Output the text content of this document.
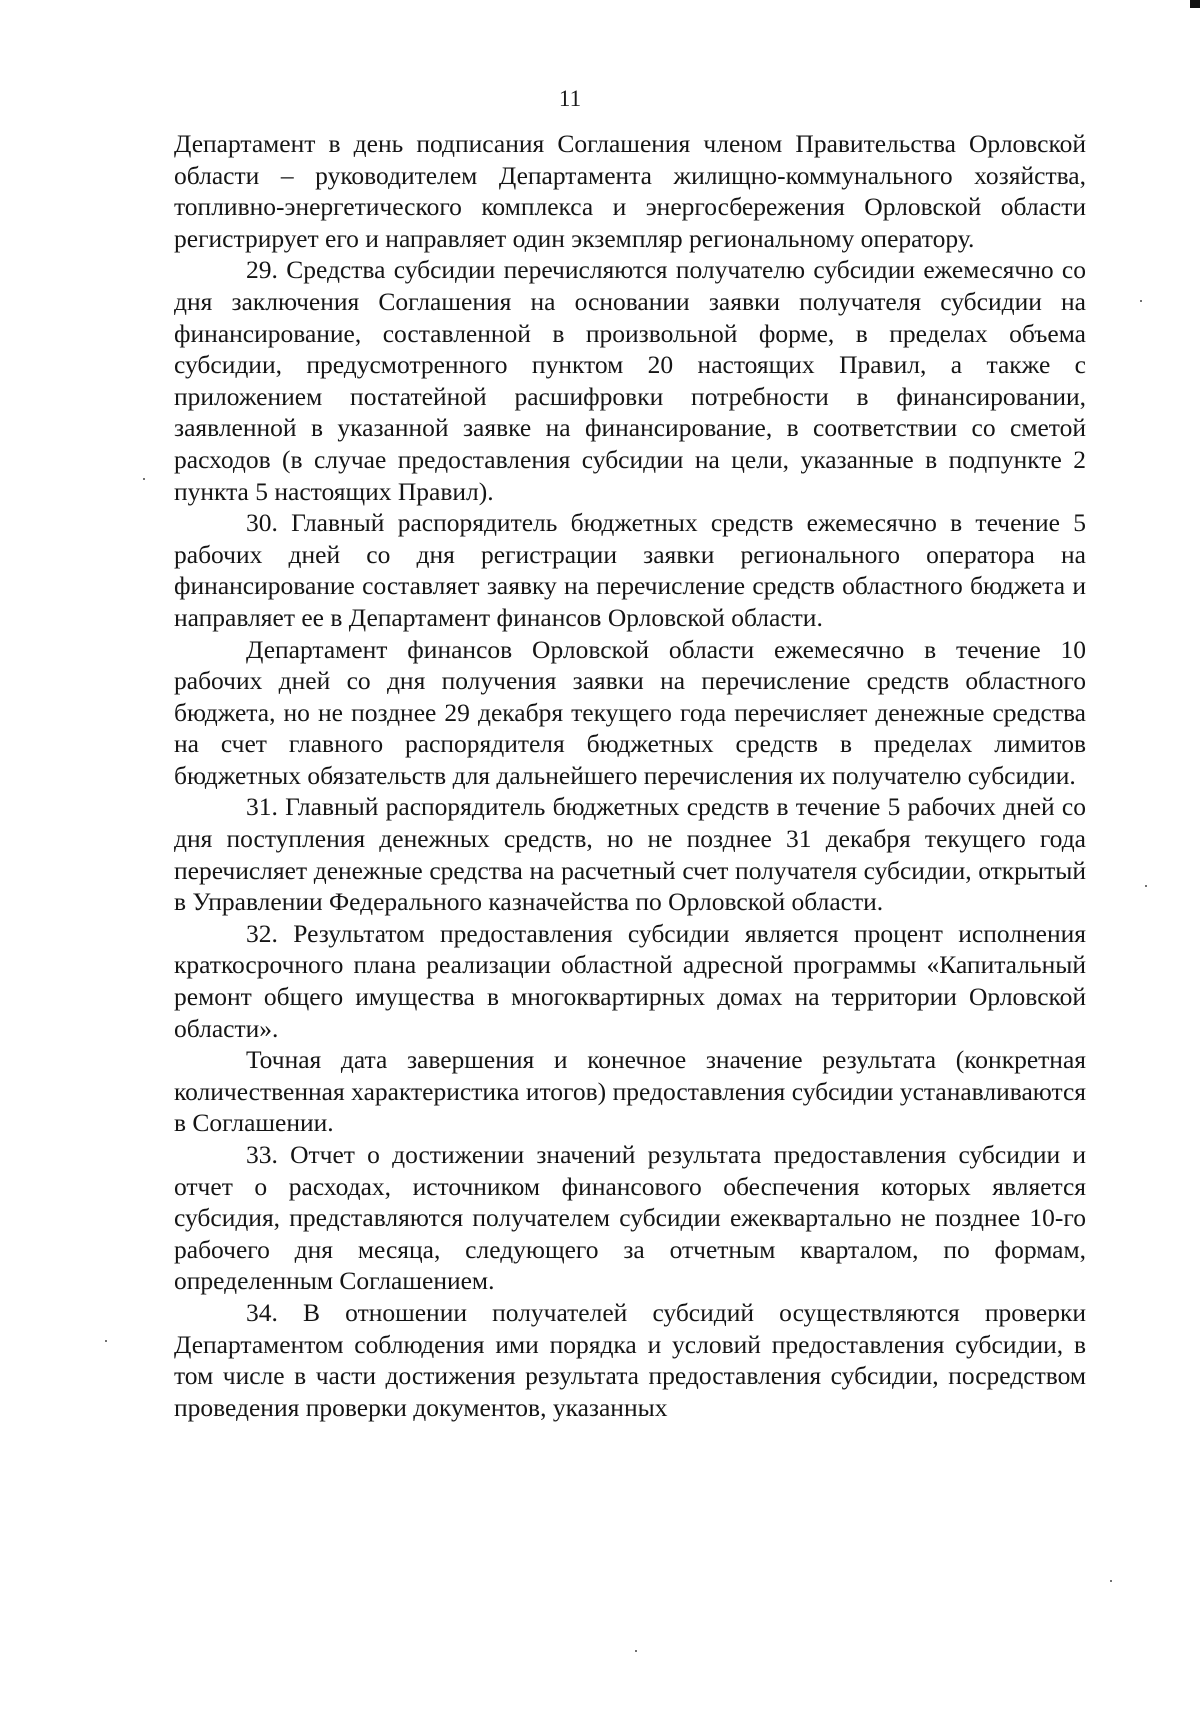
11

Департамент в день подписания Соглашения членом Правительства Орловской области – руководителем Департамента жилищно-коммунального хозяйства, топливно-энергетического комплекса и энергосбережения Орловской области регистрирует его и направляет один экземпляр региональному оператору.

29. Средства субсидии перечисляются получателю субсидии ежемесячно со дня заключения Соглашения на основании заявки получателя субсидии на финансирование, составленной в произвольной форме, в пределах объема субсидии, предусмотренного пунктом 20 настоящих Правил, а также с приложением постатейной расшифровки потребности в финансировании, заявленной в указанной заявке на финансирование, в соответствии со сметой расходов (в случае предоставления субсидии на цели, указанные в подпункте 2 пункта 5 настоящих Правил).

30. Главный распорядитель бюджетных средств ежемесячно в течение 5 рабочих дней со дня регистрации заявки регионального оператора на финансирование составляет заявку на перечисление средств областного бюджета и направляет ее в Департамент финансов Орловской области.

Департамент финансов Орловской области ежемесячно в течение 10 рабочих дней со дня получения заявки на перечисление средств областного бюджета, но не позднее 29 декабря текущего года перечисляет денежные средства на счет главного распорядителя бюджетных средств в пределах лимитов бюджетных обязательств для дальнейшего перечисления их получателю субсидии.

31. Главный распорядитель бюджетных средств в течение 5 рабочих дней со дня поступления денежных средств, но не позднее 31 декабря текущего года перечисляет денежные средства на расчетный счет получателя субсидии, открытый в Управлении Федерального казначейства по Орловской области.

32. Результатом предоставления субсидии является процент исполнения краткосрочного плана реализации областной адресной программы «Капитальный ремонт общего имущества в многоквартирных домах на территории Орловской области».

Точная дата завершения и конечное значение результата (конкретная количественная характеристика итогов) предоставления субсидии устанавливаются в Соглашении.

33. Отчет о достижении значений результата предоставления субсидии и отчет о расходах, источником финансового обеспечения которых является субсидия, представляются получателем субсидии ежеквартально не позднее 10-го рабочего дня месяца, следующего за отчетным кварталом, по формам, определенным Соглашением.

34. В отношении получателей субсидий осуществляются проверки Департаментом соблюдения ими порядка и условий предоставления субсидии, в том числе в части достижения результата предоставления субсидии, посредством проведения проверки документов, указанных
